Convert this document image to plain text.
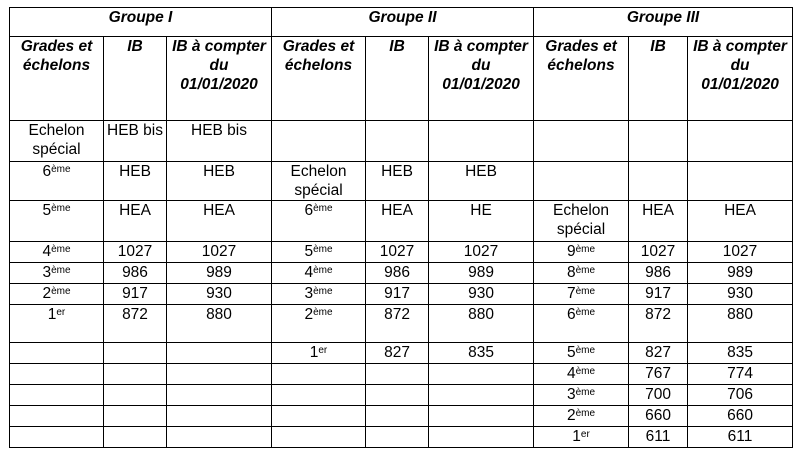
Groupe I			Groupe II			Groupe III		
Grades et échelons	IB	IB à compter du 01/01/2020	Grades et échelons	IB	IB à compter du 01/01/2020	Grades et échelons	IB	IB à compter du 01/01/2020
Echelon spécial	HEB bis	HEB bis						
6ème	HEB	HEB	Echelon spécial	HEB	HEB			
5ème	HEA	HEA	6ème	HEA	HE	Echelon spécial	HEA	HEA
4ème	1027	1027	5ème	1027	1027	9ème	1027	1027
3ème	986	989	4ème	986	989	8ème	986	989
2ème	917	930	3ème	917	930	7ème	917	930
1er	872	880	2ème	872	880	6ème	872	880
			1er	827	835	5ème	827	835
						4ème	767	774
						3ème	700	706
						2ème	660	660
						1er	611	611
